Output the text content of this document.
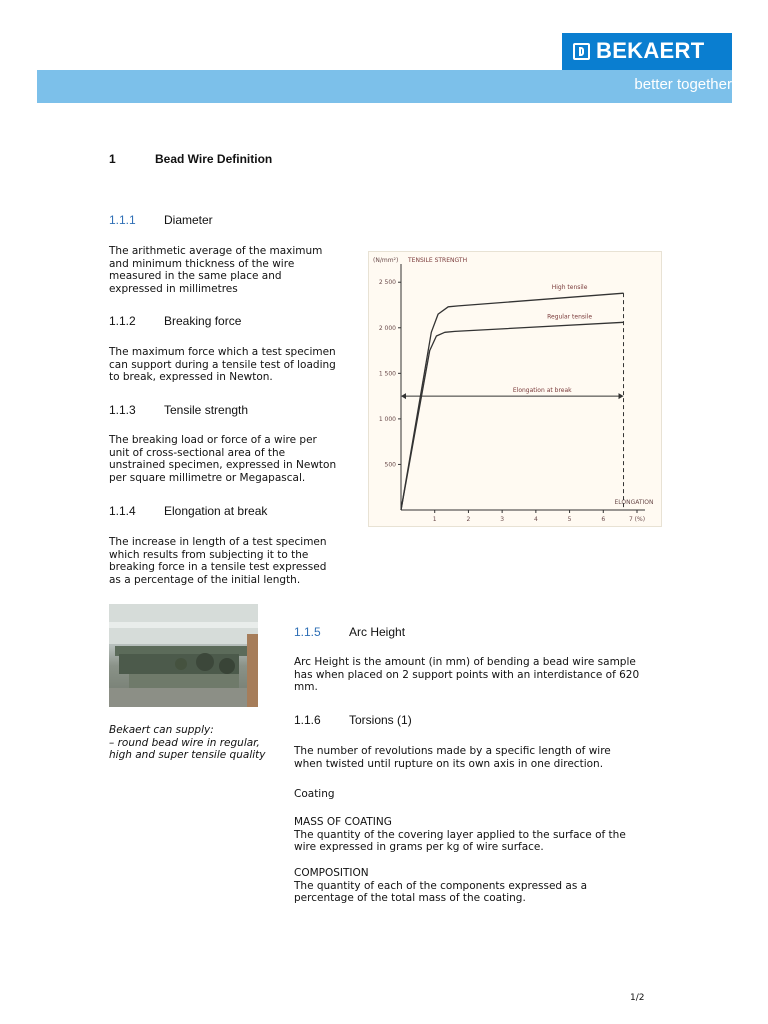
BEKAERT
better together
1	Bead Wire Definition
1.1.1 Diameter
The arithmetic average of the maximum
and minimum thickness of the wire
measured in the same place and
expressed in millimetres
1.1.2 Breaking force
The maximum force which a test specimen
can support during a tensile test of loading
to break, expressed in Newton.
1.1.3 Tensile strength
The breaking load or force of a wire per
unit of cross-sectional area of the
unstrained specimen, expressed in Newton
per square millimetre or Megapascal.
1.1.4 Elongation at break
The increase in length of a test specimen
which results from subjecting it to the
breaking force in a tensile test expressed
as a percentage of the initial length.
500
1 000
1 500
2 000
2 500
1	2	3	4	5	6	7 (%)
(N/mm²) TENSILE STRENGTH
ELONGATION
High tensile
Regular tensile
Elongation at break
Bekaert can supply:
– round bead wire in regular,
high and super tensile quality
1.1.5 Arc Height
Arc Height is the amount (in mm) of bending a bead wire sample
has when placed on 2 support points with an interdistance of 620
mm.
1.1.6 Torsions (1)
The number of revolutions made by a specific length of wire
when twisted until rupture on its own axis in one direction.
Coating
MASS OF COATING
The quantity of the covering layer applied to the surface of the
wire expressed in grams per kg of wire surface.
COMPOSITION
The quantity of each of the components expressed as a
percentage of the total mass of the coating.
1/2
